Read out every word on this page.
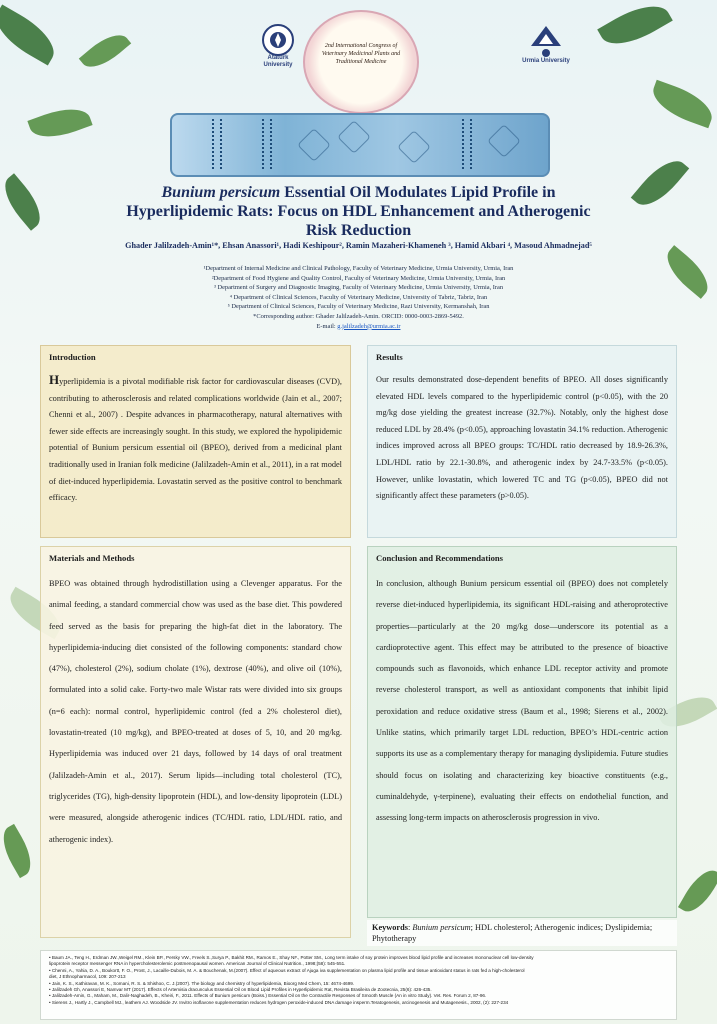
Atatürk
University
2nd International Congress of Veterinary Medicinal Plants and Traditional Medicine	Urmia University
Bunium persicum Essential Oil Modulates Lipid Profile in Hyperlipidemic Rats: Focus on HDL Enhancement and Atherogenic Risk Reduction
Ghader Jalilzadeh-Amin¹*, Ehsan Anassori¹, Hadi Keshipour², Ramin Mazaheri-Khameneh ³, Hamid Akbari ⁴, Masoud Ahmadnejad⁵
¹Department of Internal Medicine and Clinical Pathology, Faculty of Veterinary Medicine, Urmia University, Urmia, Iran
²Department of Food Hygiene and Quality Control, Faculty of Veterinary Medicine, Urmia University, Urmia, Iran
³ Department of Surgery and Diagnostic Imaging, Faculty of Veterinary Medicine, Urmia University, Urmia, Iran
⁴ Department of Clinical Sciences, Faculty of Veterinary Medicine, University of Tabriz, Tabriz, Iran
⁵ Department of Clinical Sciences, Faculty of Veterinary Medicine, Razi University, Kermanshah, Iran
*Corresponding author: Ghader Jalilzadeh-Amin. ORCID: 0000-0003-2869-5492.
E-mail: g.jalilzadeh@urmia.ac.ir
Introduction

Hyperlipidemia is a pivotal modifiable risk factor for cardiovascular diseases (CVD), contributing to atherosclerosis and related complications worldwide (Jain et al., 2007; Chenni et al., 2007) . Despite advances in pharmacotherapy, natural alternatives with fewer side effects are increasingly sought. In this study, we explored the hypolipidemic potential of Bunium persicum essential oil (BPEO), derived from a medicinal plant traditionally used in Iranian folk medicine (Jalilzadeh-Amin et al., 2011), in a rat model of diet-induced hyperlipidemia. Lovastatin served as the positive control to benchmark efficacy.

Results

Our results demonstrated dose-dependent benefits of BPEO. All doses significantly elevated HDL levels compared to the hyperlipidemic control (p<0.05), with the 20 mg/kg dose yielding the greatest increase (32.7%). Notably, only the highest dose reduced LDL by 28.4% (p<0.05), approaching lovastatin 34.1% reduction. Atherogenic indices improved across all BPEO groups: TC/HDL ratio decreased by 18.9-26.3%, LDL/HDL ratio by 22.1-30.8%, and atherogenic index by 24.7-33.5% (p<0.05). However, unlike lovastatin, which lowered TC and TG (p<0.05), BPEO did not significantly affect these parameters (p>0.05).

Materials and Methods

BPEO was obtained through hydrodistillation using a Clevenger apparatus. For the animal feeding, a standard commercial chow was used as the base diet. This powdered feed served as the basis for preparing the high-fat diet in the laboratory. The hyperlipidemia-inducing diet consisted of the following components: standard chow (47%), cholesterol (2%), sodium cholate (1%), dextrose (40%), and olive oil (10%), formulated into a solid cake. Forty-two male Wistar rats were divided into six groups (n=6 each): normal control, hyperlipidemic control (fed a 2% cholesterol diet), lovastatin-treated (10 mg/kg), and BPEO-treated at doses of 5, 10, and 20 mg/kg. Hyperlipidemia was induced over 21 days, followed by 14 days of oral treatment (Jalilzadeh-Amin et al., 2017). Serum lipids—including total cholesterol (TC), triglycerides (TG), high-density lipoprotein (HDL), and low-density lipoprotein (LDL) were measured, alongside atherogenic indices (TC/HDL ratio, LDL/HDL ratio, and atherogenic index).

Conclusion and Recommendations

In conclusion, although Bunium persicum essential oil (BPEO) does not completely reverse diet-induced hyperlipidemia, its significant HDL-raising and atheroprotective properties—particularly at the 20 mg/kg dose—underscore its potential as a cardioprotective agent. This effect may be attributed to the presence of bioactive compounds such as flavonoids, which enhance LDL receptor activity and promote reverse cholesterol transport, as well as antioxidant components that inhibit lipid peroxidation and reduce oxidative stress (Baum et al., 1998; Sierens et al., 2002). Unlike statins, which primarily target LDL reduction, BPEO’s HDL-centric action supports its use as a complementary therapy for managing dyslipidemia. Future studies should focus on isolating and characterizing key bioactive constituents (e.g., cuminaldehyde, γ-terpinene), evaluating their effects on endothelial function, and assessing long-term impacts on atherosclerosis progression in vivo.

Keywords: Bunium persicum; HDL cholesterol; Atherogenic indices; Dyslipidemia; Phytotherapy
• Baum JA., Teng H., Erdman JW.,Weigel RM., Klein BP., Persky VW., Freels S.,Surya P., Bakhit RM., Ramos E., Shay NF., Potter SM., Long term intake of soy protein improves blood lipid profile and increases mononuclear cell low-density
lipoprotein receptor messenger RNA in hypercholesterolemic postmenopausal women. American Journal of Clinical Nutrition., 1998;(58): 545-551.
• Chenni, A., Yahia, D. A., Boukortt, F. O., Prost, J., Lacaille-Dubois, M. A. & Bouchenak, M.(2007). Effect of aqueous extract of Ajuga iva supplementation on plasma lipid profile and tissue antioxidant status in rats fed a high-cholesterol
diet, J Ethnopharmacol, 109: 207-213
• Jain, K. S., Kathiravan, M. K., Somani, R. S. & Shishoo, C. J.(2007). The biology and chemistry of hyperlipidemia, Bioorg Med Chem, 15: 4674-4699.
• Jalilzadeh Gh, Anassori E, Namvar MT (2017). Effects of Artemisia dracunculus Essential Oil on Blood Lipid Profiles in Hyperlipidemic Rat, Revista Brasileira de Zootecnia, 25(6): 426-435.
• Jalilzadeh-Amin, G., Maham, M., Dalir-Naghadeh, B., Kheiri, F., 2011. Effects of Bunium persicum (Boiss.) Essential Oil on the Contractile Responses of Smooth Muscle (An in vitro Study). Vet. Res. Forum 2, 87-96.
• Sierens J., Hartly J., Campbell MJ., leathem AJ. Woodside JV. Invitro isoflavone supplementation reduces hydrogen peroxide-induced DNA damage insperm.Teratogenesis, arcinogenesis and Mutagenesis., 2002, (2): 227-234
